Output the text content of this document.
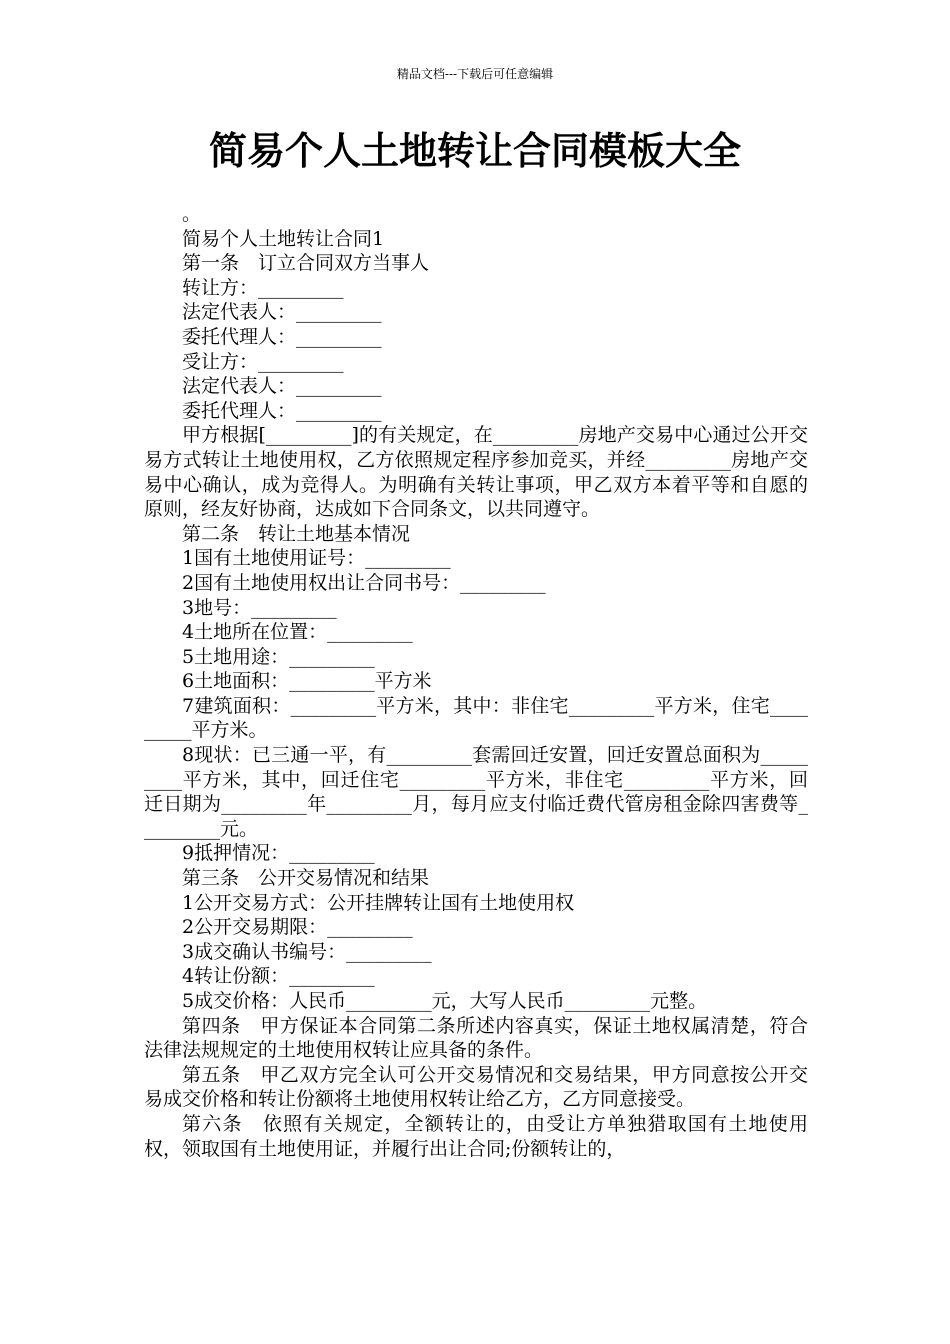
精品文档---下载后可任意编辑
简易个人土地转让合同模板大全

。

简易个人土地转让合同1

第一条　订立合同双方当事人

转让方：_________

法定代表人：_________

委托代理人：_________

受让方：_________

法定代表人：_________

委托代理人：_________

甲方根据[_________]的有关规定，在_________房地产交易中心通过公开交易方式转让土地使用权，乙方依照规定程序参加竞买，并经_________房地产交易中心确认，成为竞得人。为明确有关转让事项，甲乙双方本着平等和自愿的原则，经友好协商，达成如下合同条文，以共同遵守。

第二条　转让土地基本情况

1国有土地使用证号：_________

2国有土地使用权出让合同书号：_________

3地号：_________

4土地所在位置：_________

5土地用途：_________

6土地面积：_________平方米

7建筑面积：_________平方米，其中：非住宅_________平方米，住宅_________平方米。

8现状：已三通一平，有_________套需回迁安置，回迁安置总面积为_________平方米，其中，回迁住宅_________平方米，非住宅_________平方米，回迁日期为_________年_________月，每月应支付临迁费代管房租金除四害费等_________元。

9抵押情况：_________

第三条　公开交易情况和结果

1公开交易方式：公开挂牌转让国有土地使用权

2公开交易期限：_________

3成交确认书编号：_________

4转让份额：_________

5成交价格：人民币_________元，大写人民币_________元整。

第四条　甲方保证本合同第二条所述内容真实，保证土地权属清楚，符合法律法规规定的土地使用权转让应具备的条件。

第五条　甲乙双方完全认可公开交易情况和交易结果，甲方同意按公开交易成交价格和转让份额将土地使用权转让给乙方，乙方同意接受。

第六条　依照有关规定，全额转让的，由受让方单独猎取国有土地使用权，领取国有土地使用证，并履行出让合同;份额转让的，
